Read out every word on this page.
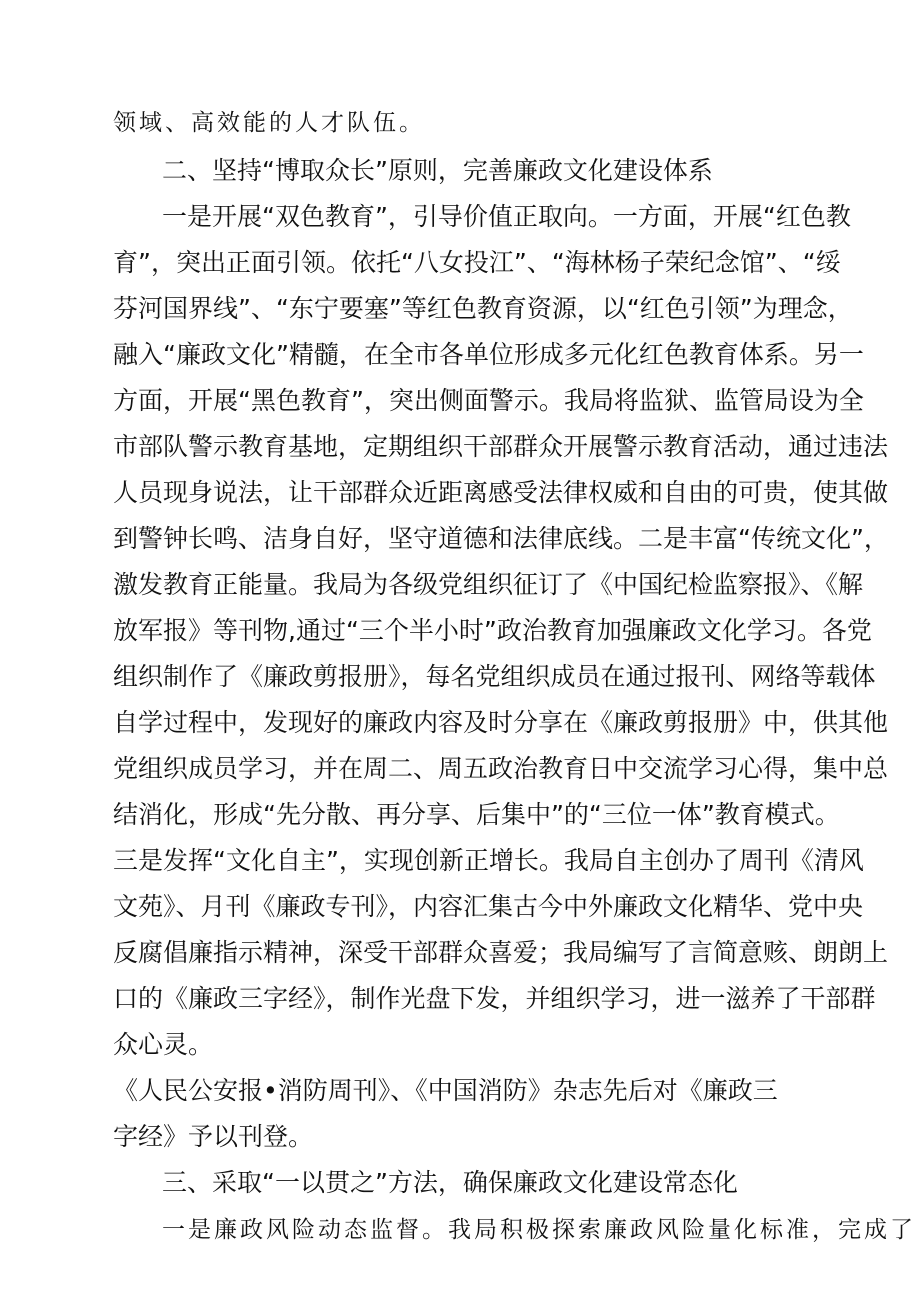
领域、高效能的人才队伍。
二、坚持“博取众长”原则，完善廉政文化建设体系
一是开展“双色教育”，引导价值正取向。一方面，开展“红色教
育”，突出正面引领。依托“八女投江”、“海林杨子荣纪念馆”、“绥
芬河国界线”、“东宁要塞”等红色教育资源，以“红色引领”为理念，
融入“廉政文化”精髓，在全市各单位形成多元化红色教育体系。另一
方面，开展“黑色教育”，突出侧面警示。我局将监狱、监管局设为全
市部队警示教育基地，定期组织干部群众开展警示教育活动，通过违法
人员现身说法，让干部群众近距离感受法律权威和自由的可贵，使其做
到警钟长鸣、洁身自好，坚守道德和法律底线。二是丰富“传统文化”，
激发教育正能量。我局为各级党组织征订了《中国纪检监察报》、《解
放军报》等刊物,通过“三个半小时”政治教育加强廉政文化学习。各党
组织制作了《廉政剪报册》，每名党组织成员在通过报刊、网络等载体
自学过程中，发现好的廉政内容及时分享在《廉政剪报册》中，供其他
党组织成员学习，并在周二、周五政治教育日中交流学习心得，集中总
结消化，形成“先分散、再分享、后集中”的“三位一体”教育模式。
三是发挥“文化自主”，实现创新正增长。我局自主创办了周刊《清风
文苑》、月刊《廉政专刊》，内容汇集古今中外廉政文化精华、党中央
反腐倡廉指示精神，深受干部群众喜爱；我局编写了言简意赅、朗朗上
口的《廉政三字经》，制作光盘下发，并组织学习，进一滋养了干部群
众心灵。
《人民公安报•消防周刊》、《中国消防》杂志先后对《廉政三
字经》予以刊登。
三、采取“一以贯之”方法，确保廉政文化建设常态化
一是廉政风险动态监督。我局积极探索廉政风险量化标准，完成了
